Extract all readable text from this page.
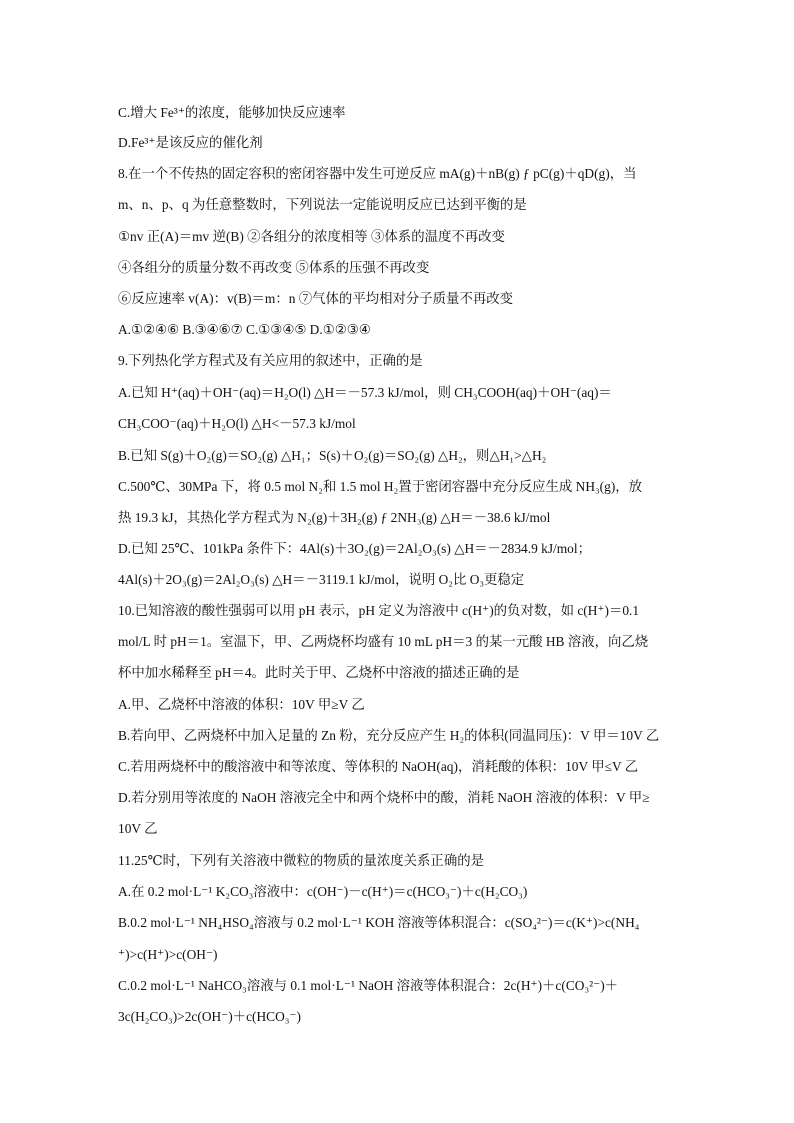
C.增大 Fe³⁺的浓度，能够加快反应速率
D.Fe³⁺是该反应的催化剂
8.在一个不传热的固定容积的密闭容器中发生可逆反应 mA(g)＋nB(g) ƒ pC(g)＋qD(g)，当
m、n、p、q 为任意整数时，下列说法一定能说明反应已达到平衡的是
①nv 正(A)＝mv 逆(B) ②各组分的浓度相等 ③体系的温度不再改变
④各组分的质量分数不再改变 ⑤体系的压强不再改变
⑥反应速率 v(A)：v(B)＝m：n ⑦气体的平均相对分子质量不再改变
A.①②④⑥ B.③④⑥⑦ C.①③④⑤ D.①②③④
9.下列热化学方程式及有关应用的叙述中，正确的是
A.已知 H⁺(aq)＋OH⁻(aq)＝H₂O(l) △H＝－57.3 kJ/mol，则 CH₃COOH(aq)＋OH⁻(aq)＝
CH₃COO⁻(aq)＋H₂O(l) △H<－57.3 kJ/mol
B.已知 S(g)＋O₂(g)＝SO₂(g) △H₁；S(s)＋O₂(g)＝SO₂(g) △H₂，则△H₁>△H₂
C.500℃、30MPa 下，将 0.5 mol N₂和 1.5 mol H₂置于密闭容器中充分反应生成 NH₃(g)，放
热 19.3 kJ，其热化学方程式为 N₂(g)＋3H₂(g) ƒ 2NH₃(g) △H＝－38.6 kJ/mol
D.已知 25℃、101kPa 条件下：4Al(s)＋3O₂(g)＝2Al₂O₃(s) △H＝－2834.9 kJ/mol；
4Al(s)＋2O₃(g)＝2Al₂O₃(s) △H＝－3119.1 kJ/mol，说明 O₂比 O₃更稳定
10.已知溶液的酸性强弱可以用 pH 表示，pH 定义为溶液中 c(H⁺)的负对数，如 c(H⁺)＝0.1
mol/L 时 pH＝1。室温下，甲、乙两烧杯均盛有 10 mL pH＝3 的某一元酸 HB 溶液，向乙烧
杯中加水稀释至 pH＝4。此时关于甲、乙烧杯中溶液的描述正确的是
A.甲、乙烧杯中溶液的体积：10V 甲≥V 乙
B.若向甲、乙两烧杯中加入足量的 Zn 粉，充分反应产生 H₂的体积(同温同压)：V 甲＝10V 乙
C.若用两烧杯中的酸溶液中和等浓度、等体积的 NaOH(aq)，消耗酸的体积：10V 甲≤V 乙
D.若分别用等浓度的 NaOH 溶液完全中和两个烧杯中的酸，消耗 NaOH 溶液的体积：V 甲≥
10V 乙
11.25℃时，下列有关溶液中微粒的物质的量浓度关系正确的是
A.在 0.2 mol·L⁻¹ K₂CO₃溶液中：c(OH⁻)－c(H⁺)＝c(HCO₃⁻)＋c(H₂CO₃)
B.0.2 mol·L⁻¹ NH₄HSO₄溶液与 0.2 mol·L⁻¹ KOH 溶液等体积混合：c(SO₄²⁻)＝c(K⁺)>c(NH₄
⁺)>c(H⁺)>c(OH⁻)
C.0.2 mol·L⁻¹ NaHCO₃溶液与 0.1 mol·L⁻¹ NaOH 溶液等体积混合：2c(H⁺)＋c(CO₃²⁻)＋
3c(H₂CO₃)>2c(OH⁻)＋c(HCO₃⁻)
